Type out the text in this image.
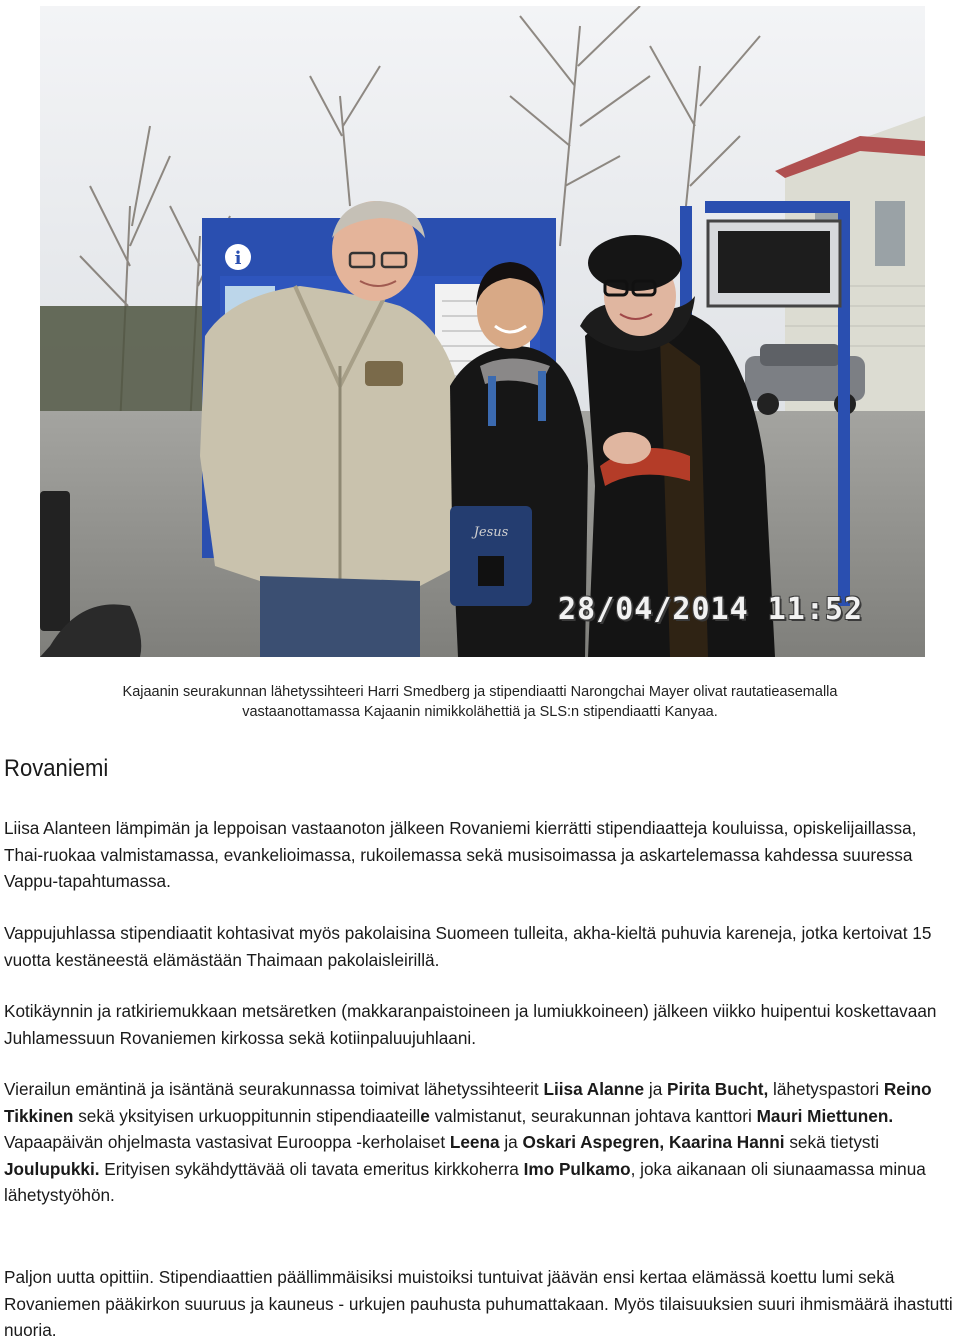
i
Jesus
28/04/2014 11:52
Kajaanin seurakunnan lähetyssihteeri Harri Smedberg ja stipendiaatti Narongchai Mayer olivat rautatieasemalla
vastaanottamassa Kajaanin nimikkolähettiä ja SLS:n stipendiaatti Kanyaa.
Rovaniemi

Liisa Alanteen lämpimän ja leppoisan vastaanoton jälkeen Rovaniemi kierrätti stipendiaatteja kouluissa, opiskelijaillassa, Thai-ruokaa valmistamassa, evankelioimassa, rukoilemassa sekä musisoimassa ja askartelemassa kahdessa suuressa Vappu-tapahtumassa.

Vappujuhlassa stipendiaatit kohtasivat myös pakolaisina Suomeen tulleita, akha-kieltä puhuvia kareneja, jotka kertoivat 15 vuotta kestäneestä elämästään Thaimaan pakolaisleirillä.

Kotikäynnin ja ratkiriemukkaan metsäretken (makkaranpaistoineen ja lumiukkoineen) jälkeen viikko huipentui koskettavaan Juhlamessuun Rovaniemen kirkossa sekä kotiinpaluujuhlaani.

Vierailun emäntinä ja isäntänä seurakunnassa toimivat lähetyssihteerit Liisa Alanne ja Pirita Bucht, lähetyspastori Reino Tikkinen sekä yksityisen urkuoppitunnin stipendiaateille valmistanut, seurakunnan johtava kanttori Mauri Miettunen. Vapaapäivän ohjelmasta vastasivat Eurooppa -kerholaiset Leena ja Oskari Aspegren, Kaarina Hanni sekä tietysti Joulupukki. Erityisen sykähdyttävää oli tavata emeritus kirkkoherra Imo Pulkamo, joka aikanaan oli siunaamassa minua lähetystyöhön.

Paljon uutta opittiin. Stipendiaattien päällimmäisiksi muistoiksi tuntuivat jäävän ensi kertaa elämässä koettu lumi sekä Rovaniemen pääkirkon suuruus ja kauneus - urkujen pauhusta puhumattakaan. Myös tilaisuuksien suuri ihmismäärä ihastutti nuoria.
